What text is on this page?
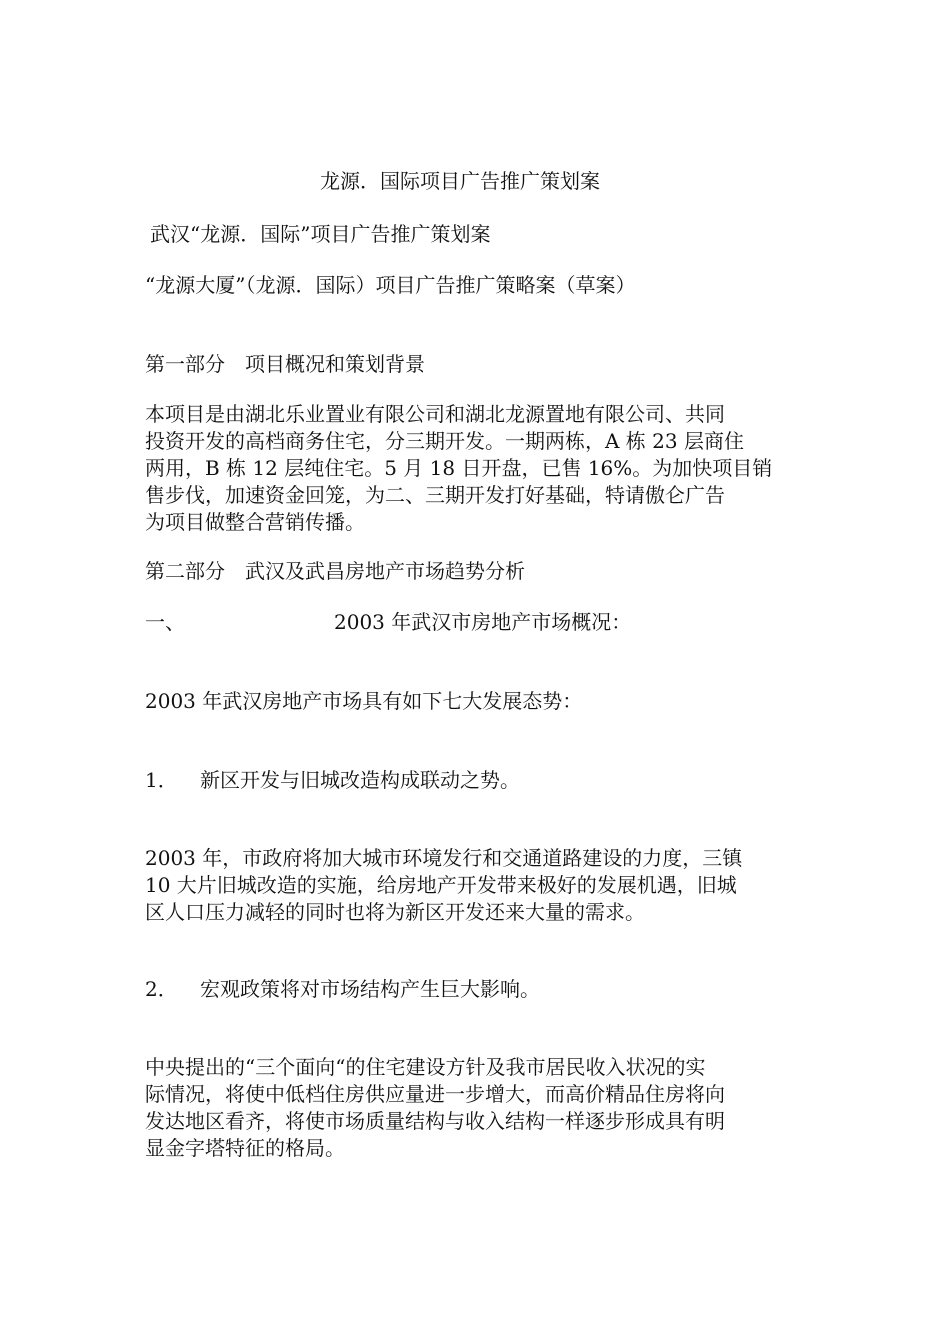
龙源．国际项目广告推广策划案
武汉“龙源．国际”项目广告推广策划案
“龙源大厦”（龙源．国际）项目广告推广策略案（草案）
第一部分　项目概况和策划背景
本项目是由湖北乐业置业有限公司和湖北龙源置地有限公司、共同
投资开发的高档商务住宅，分三期开发。一期两栋，A 栋 23 层商住
两用，B 栋 12 层纯住宅。5 月 18 日开盘，已售 16%。为加快项目销
售步伐，加速资金回笼，为二、三期开发打好基础，特请傲仑广告
为项目做整合营销传播。
第二部分　武汉及武昌房地产市场趋势分析
一、	2003 年武汉市房地产市场概况：
2003 年武汉房地产市场具有如下七大发展态势：
1． 新区开发与旧城改造构成联动之势。
2003 年，市政府将加大城市环境发行和交通道路建设的力度，三镇
10 大片旧城改造的实施，给房地产开发带来极好的发展机遇，旧城
区人口压力减轻的同时也将为新区开发还来大量的需求。
2． 宏观政策将对市场结构产生巨大影响。
中央提出的“三个面向“的住宅建设方针及我市居民收入状况的实
际情况，将使中低档住房供应量进一步增大，而高价精品住房将向
发达地区看齐，将使市场质量结构与收入结构一样逐步形成具有明
显金字塔特征的格局。
